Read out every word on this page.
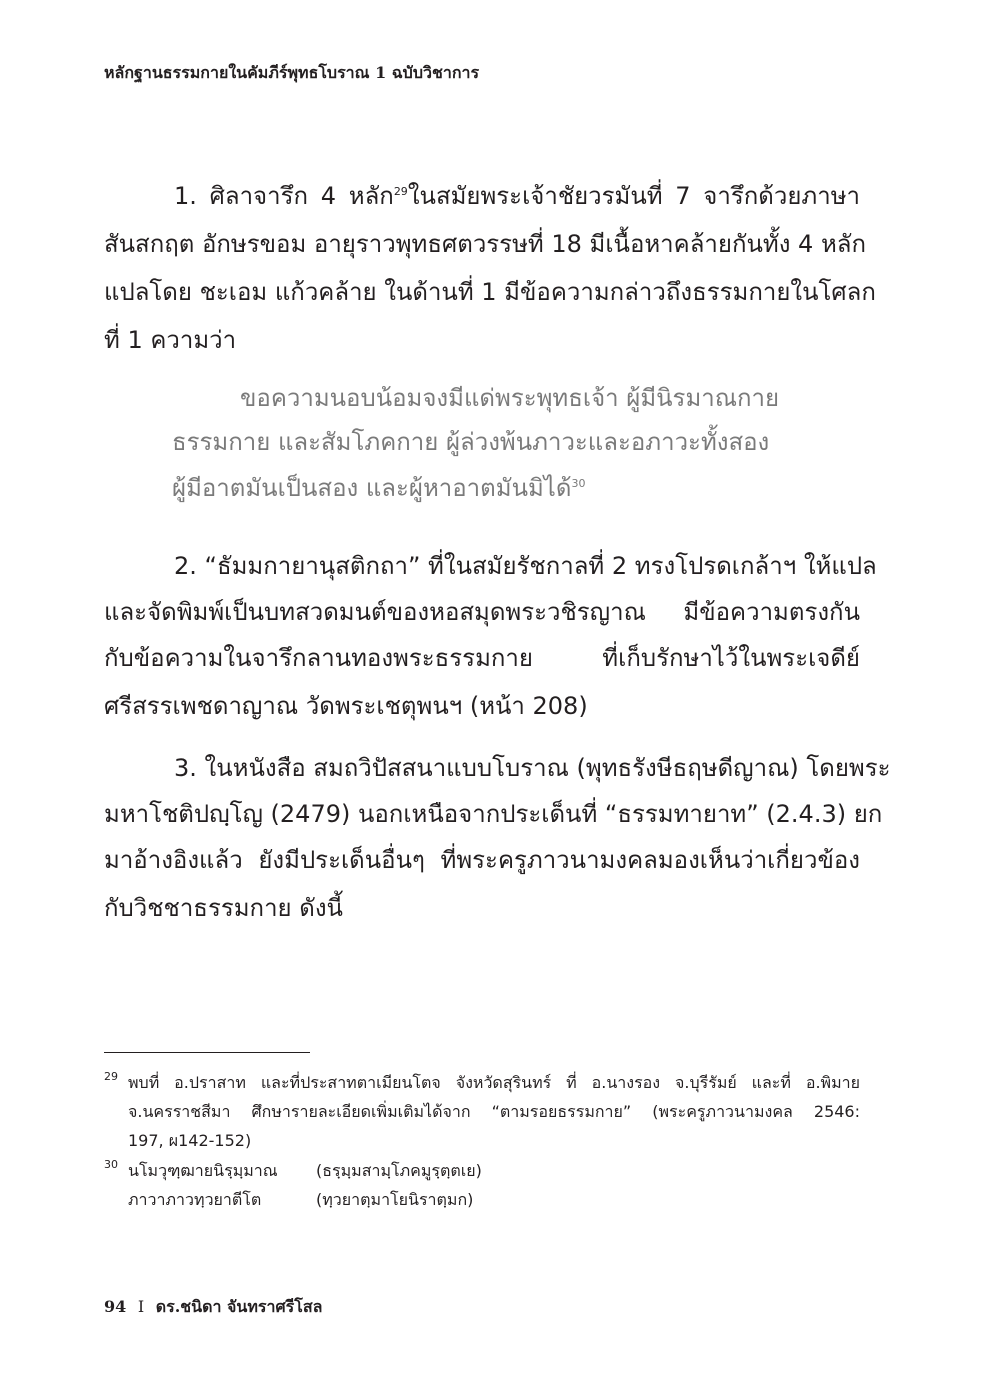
หลักฐานธรรมกายในคัมภีร์พุทธโบราณ 1 ฉบับวิชาการ
1. ศิลาจารึก 4 หลัก$^{29}$ในสมัยพระเจ้าชัยวรมันที่ 7 จารึกด้วยภาษา
สันสกฤต อักษรขอม อายุราวพุทธศตวรรษที่ 18 มีเนื้อหาคล้ายกันทั้ง 4 หลัก
แปลโดย ชะเอม แก้วคล้าย ในด้านที่ 1 มีข้อความกล่าวถึงธรรมกายในโศลก
ที่ 1 ความว่า
ขอความนอบน้อมจงมีแด่พระพุทธเจ้า ผู้มีนิรมาณกาย
ธรรมกาย และสัมโภคกาย ผู้ล่วงพ้นภาวะและอภาวะทั้งสอง
ผู้มีอาตมันเป็นสอง และผู้หาอาตมันมิได้$^{30}$
2. “ธัมมกายานุสติกถา” ที่ในสมัยรัชกาลที่ 2 ทรงโปรดเกล้าฯ ให้แปล
และจัดพิมพ์เป็นบทสวดมนต์ของหอสมุดพระวชิรญาณ มีข้อความตรงกัน
กับข้อความในจารึกลานทองพระธรรมกาย ที่เก็บรักษาไว้ในพระเจดีย์
ศรีสรรเพชดาญาณ วัดพระเชตุพนฯ (หน้า 208)
3. ในหนังสือ สมถวิปัสสนาแบบโบราณ (พุทธรังษีธฤษดีญาณ) โดยพระ
มหาโชติปญฺโญ (2479) นอกเหนือจากประเด็นที่ “ธรรมทายาท” (2.4.3) ยก
มาอ้างอิงแล้ว ยังมีประเด็นอื่นๆ ที่พระครูภาวนามงคลมองเห็นว่าเกี่ยวข้อง
กับวิชชาธรรมกาย ดังนี้
29 พบที่ อ.ปราสาท และที่ประสาทตาเมียนโตจ จังหวัดสุรินทร์ ที่ อ.นางรอง จ.บุรีรัมย์ และที่ อ.พิมาย
จ.นครราชสีมา ศึกษารายละเอียดเพิ่มเติมได้จาก “ตามรอยธรรมกาย” (พระครูภาวนามงคล 2546:
197, ผ142-152)
30 นโมวุฑฺฒายนิรฺมฺมาณ (ธรฺมฺมสามฺโภคมูรฺตฺตเย)
ภาวาภาวทฺวยาตีโต	(ทฺวยาตฺมาโยนิราตฺมก)
94 I ดร.ชนิดา จันทราศรีโสล
